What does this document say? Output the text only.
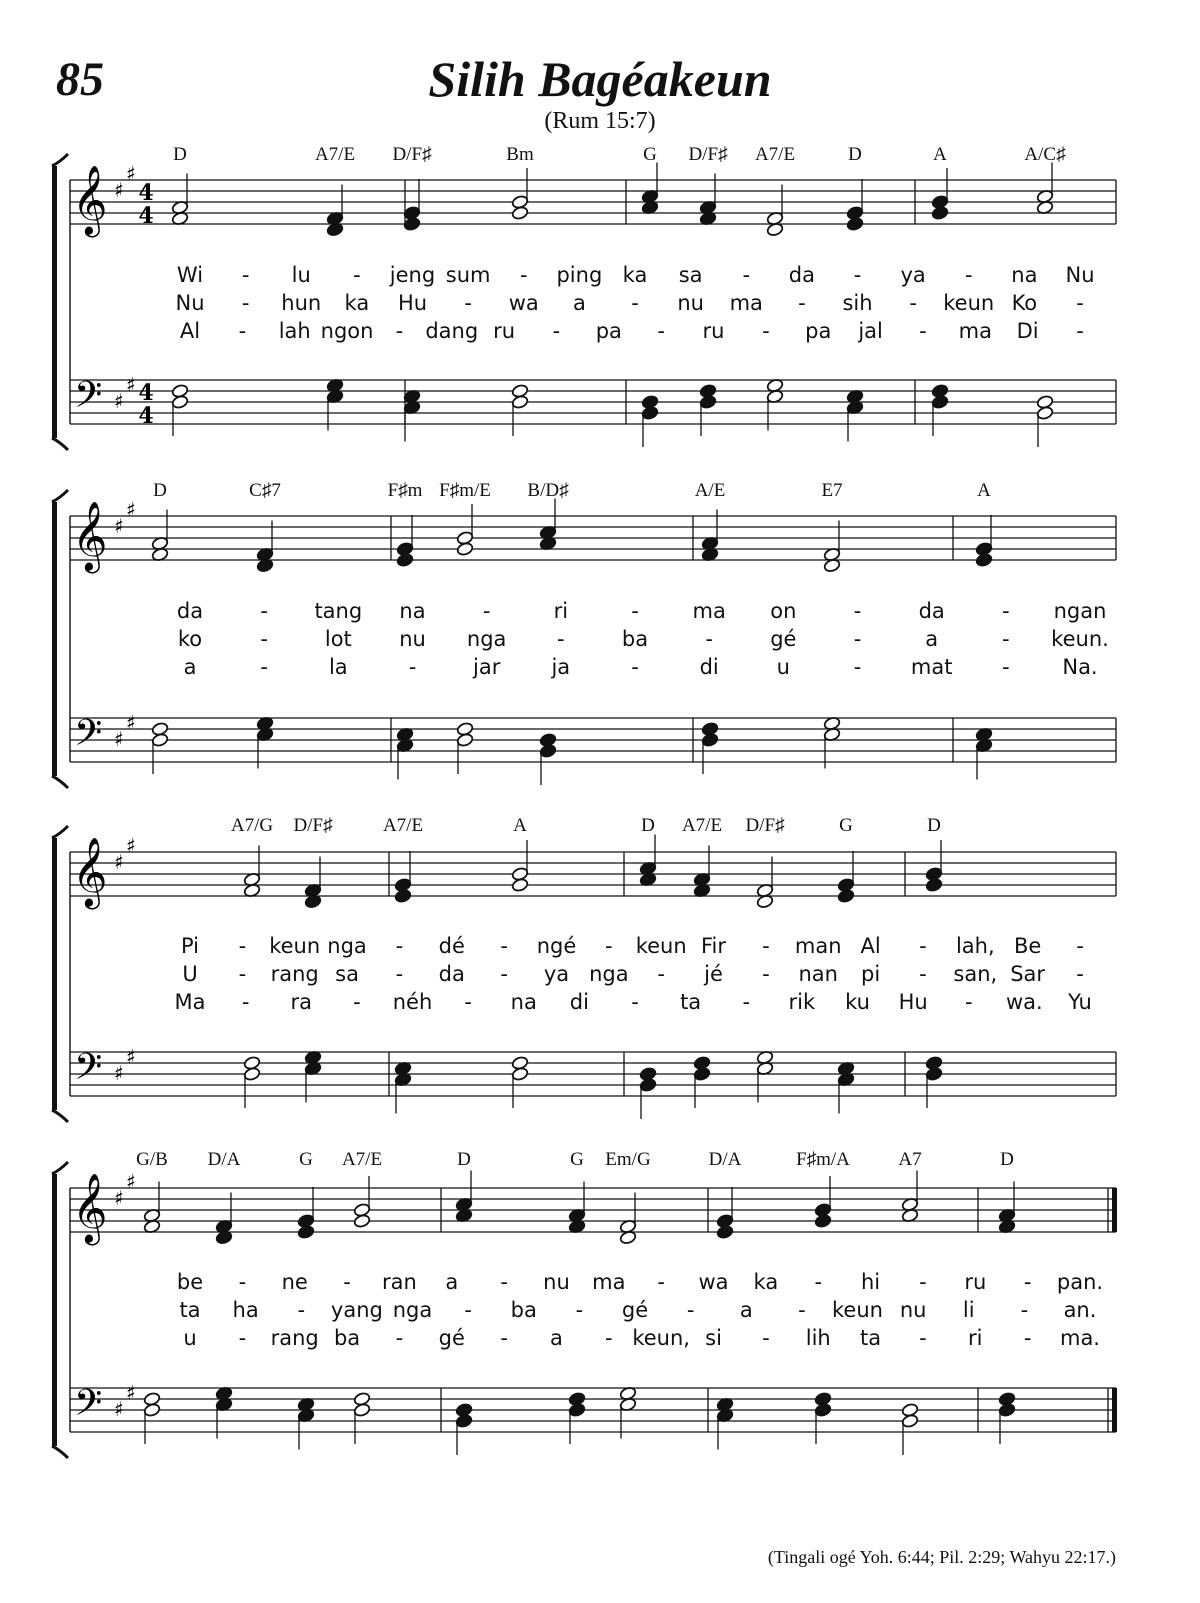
85	Silih Bagéakeun
(Rum 15:7)
𝄞
𝄢
♯
♯
♯
♯
4
4
4
4
D	A7/E D/F♯	Bm	G D/F♯ A7/E	D	A	A/C♯
Wi - lu - jeng sum - ping ka sa - da - ya - na Nu
Nu - hun ka Hu - wa a - nu ma - sih - keun Ko -
Al - lah ngon - dang ru - pa - ru - pa jal - ma Di -
𝄞
𝄢
♯
♯
♯
♯
D	C♯7	F♯m F♯m/E B/D♯	A/E	E7	A
da	- tang na	-	ri	-	ma on	-	da	- ngan
ko	-	lot nu nga -	ba	-	gé	-	a	- keun.
a	-	la	-	jar ja	-	di	u	- mat -	Na.
𝄞
𝄢
♯
♯
♯
♯
A7/G D/F♯	A7/E	A	D A7/E D/F♯	G	D
Pi - keun nga - dé - ngé - keun Fir - man Al - lah, Be -
U - rang sa - da - ya nga - jé - nan pi - san, Sar -
Ma - ra - néh - na di - ta - rik ku Hu - wa. Yu
𝄞
𝄢
♯
♯
♯
♯
G/B D/A	G A7/E	D	G Em/G	D/A	F♯m/A	A7	D
be - ne - ran a - nu ma - wa ka - hi - ru - pan.
ta ha - yang nga - ba - gé - a - keun nu li - an.
u - rang ba - gé - a - keun, si - lih ta - ri - ma.
(Tingali ogé Yoh. 6:44; Pil. 2:29; Wahyu 22:17.)
